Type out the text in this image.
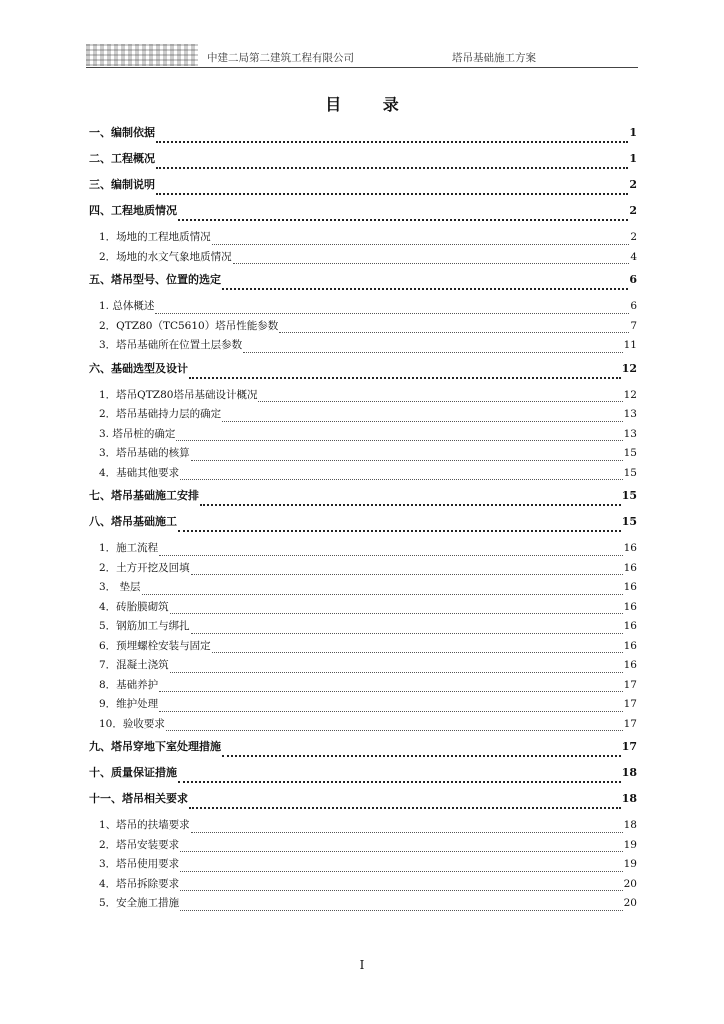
中建二局第二建筑工程有限公司	塔吊基础施工方案
目 录
一、编制依据	1
二、工程概况	1
三、编制说明	2
四、工程地质情况	2
1．场地的工程地质情况	2
2．场地的水文气象地质情况	4
五、塔吊型号、位置的选定	6
1. 总体概述	6
2．QTZ80（TC5610）塔吊性能参数	7
3．塔吊基础所在位置土层参数	11
六、基础选型及设计	12
1．塔吊QTZ80塔吊基础设计概况	12
2．塔吊基础持力层的确定	13
3. 塔吊桩的确定	13
3．塔吊基础的核算	15
4．基础其他要求	15
七、塔吊基础施工安排	15
八、塔吊基础施工	15
1．施工流程	16
2．土方开挖及回填	16
3． 垫层	16
4．砖胎膜砌筑	16
5．钢筋加工与绑扎	16
6．预埋螺栓安装与固定	16
7．混凝土浇筑	16
8．基础养护	17
9．维护处理	17
10．验收要求	17
九、塔吊穿地下室处理措施	17
十、质量保证措施	18
十一、塔吊相关要求	18
1、塔吊的扶墙要求	18
2．塔吊安装要求	19
3．塔吊使用要求	19
4．塔吊拆除要求	20
5．安全施工措施	20
I
